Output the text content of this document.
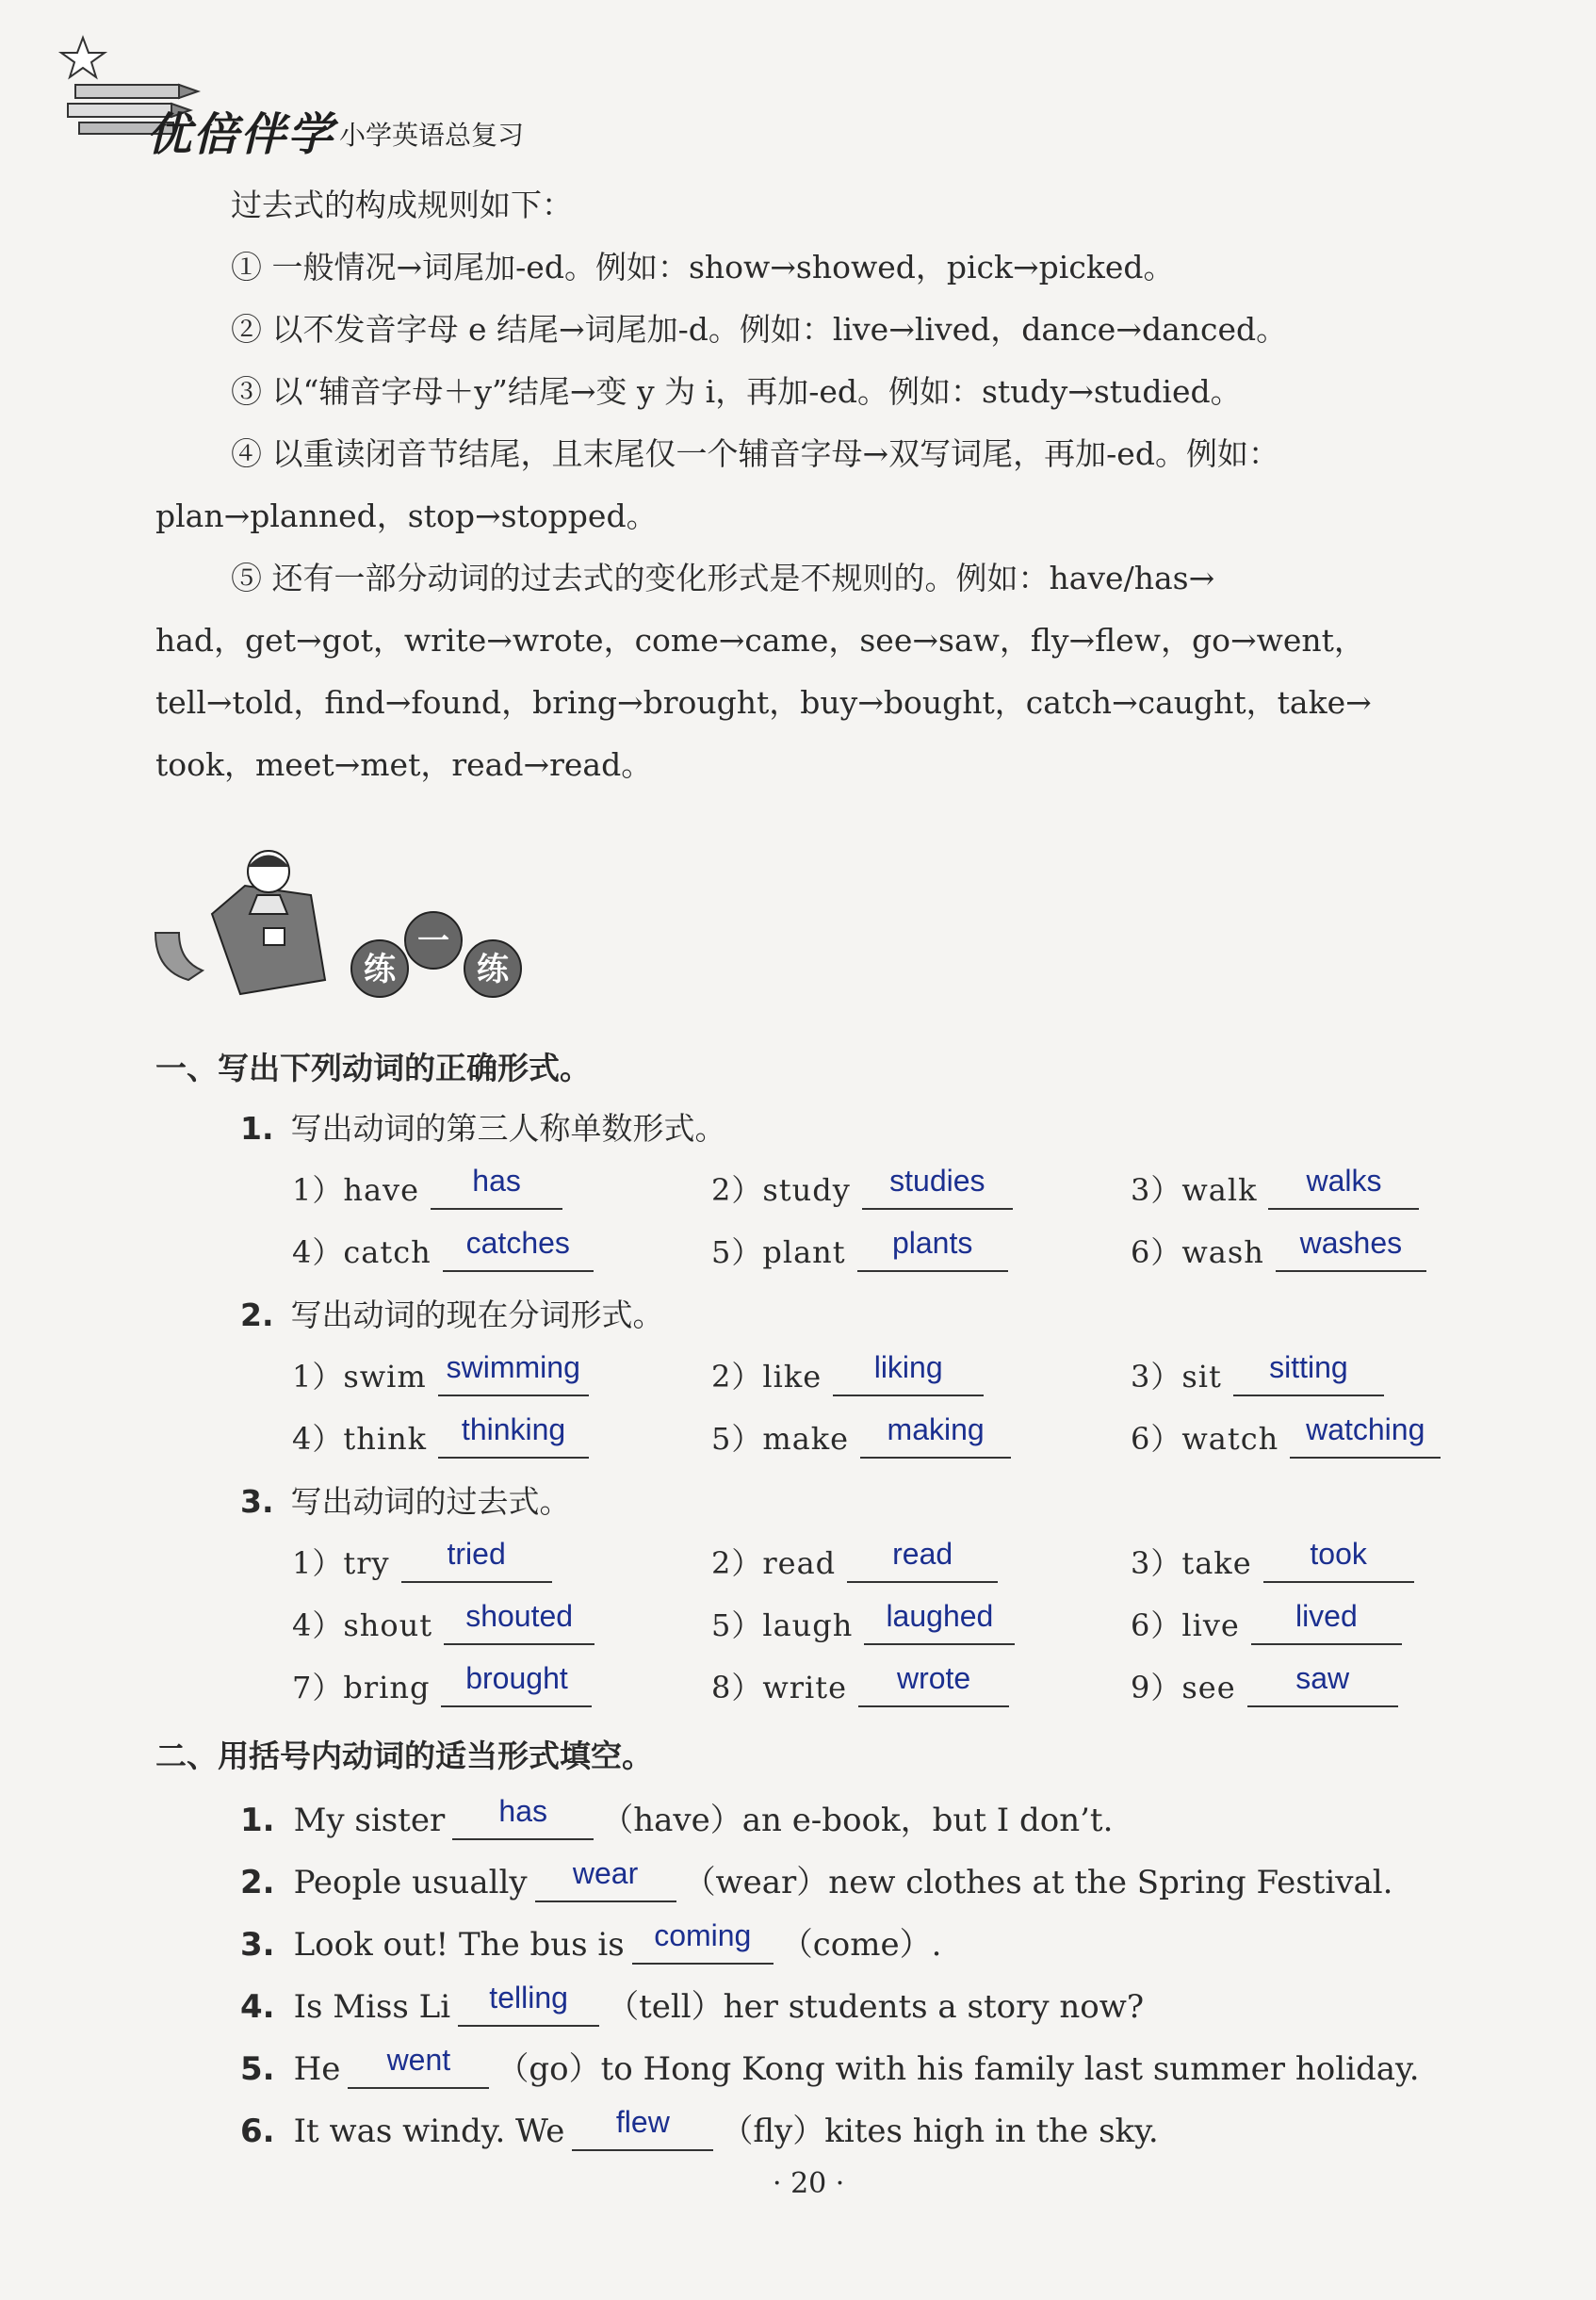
优倍伴学 小学英语总复习

过去式的构成规则如下：

① 一般情况→词尾加-ed。例如：show→showed，pick→picked。

② 以不发音字母 e 结尾→词尾加-d。例如：live→lived，dance→danced。

③ 以“辅音字母＋y”结尾→变 y 为 i，再加-ed。例如：study→studied。

④ 以重读闭音节结尾，且末尾仅一个辅音字母→双写词尾，再加-ed。例如：

plan→planned，stop→stopped。

⑤ 还有一部分动词的过去式的变化形式是不规则的。例如：have/has→

had，get→got，write→wrote，come→came，see→saw，fly→flew，go→went，

tell→told，find→found，bring→brought，buy→bought，catch→caught，take→

took，meet→met，read→read。

练
一
练
一、写出下列动词的正确形式。
1. 写出动词的第三人称单数形式。
1）have	has	2）study	studies	3）walk	walks
4）catch	catches	5）plant	plants	6）wash	washes
2. 写出动词的现在分词形式。
1）swim swimming	2）like	liking	3）sit	sitting
4）think	thinking	5）make	making	6）watch watching
3. 写出动词的过去式。
1）try	tried	2）read	read	3）take	took
4）shout	shouted	5）laugh	laughed	6）live	lived
7）bring	brought	8）write	wrote	9）see	saw
二、用括号内动词的适当形式填空。
1. My sister	has	（have）an e-book，but I don’t.
2. People usually	wear	（wear）new clothes at the Spring Festival.
3. Look out! The bus is coming （come）.
4. Is Miss Li	telling	（tell）her students a story now?
5. He	went	（go）to Hong Kong with his family last summer holiday.
6. It was windy. We	flew	（fly）kites high in the sky.
· 20 ·
